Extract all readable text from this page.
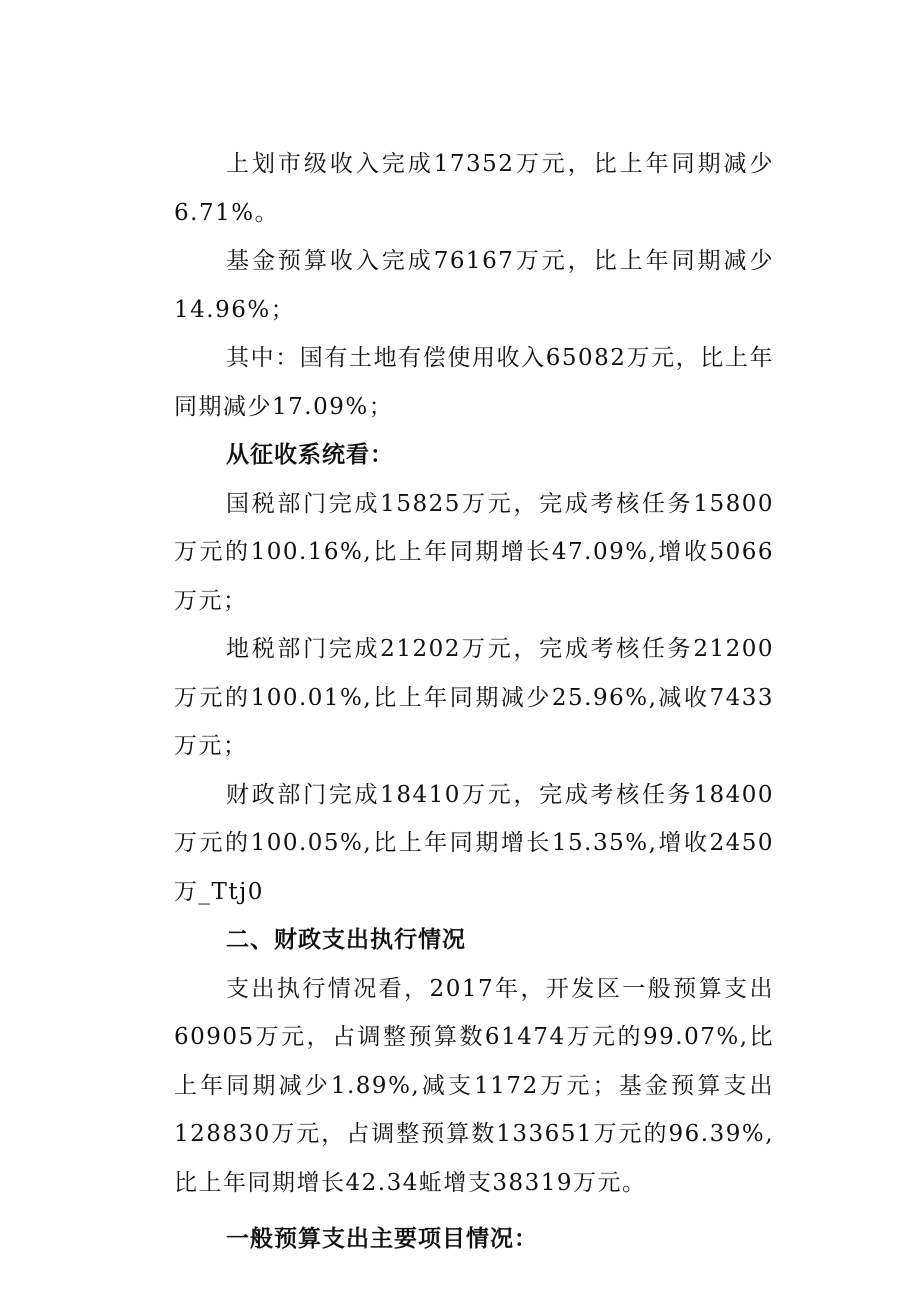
上划市级收入完成17352万元，比上年同期减少6.71%。

基金预算收入完成76167万元，比上年同期减少14.96%；

其中：国有土地有偿使用收入65082万元，比上年同期减少17.09%；

从征收系统看：

国税部门完成15825万元，完成考核任务15800万元的100.16%,比上年同期增长47.09%,增收5066万元；

地税部门完成21202万元，完成考核任务21200万元的100.01%,比上年同期减少25.96%,减收7433万元；

财政部门完成18410万元，完成考核任务18400万元的100.05%,比上年同期增长15.35%,增收2450万_Ttj0

二、财政支出执行情况

支出执行情况看，2017年，开发区一般预算支出60905万元，占调整预算数61474万元的99.07%,比上年同期减少1.89%,减支1172万元；基金预算支出128830万元，占调整预算数133651万元的96.39%,比上年同期增长42.34蚯增支38319万元。

一般预算支出主要项目情况：
